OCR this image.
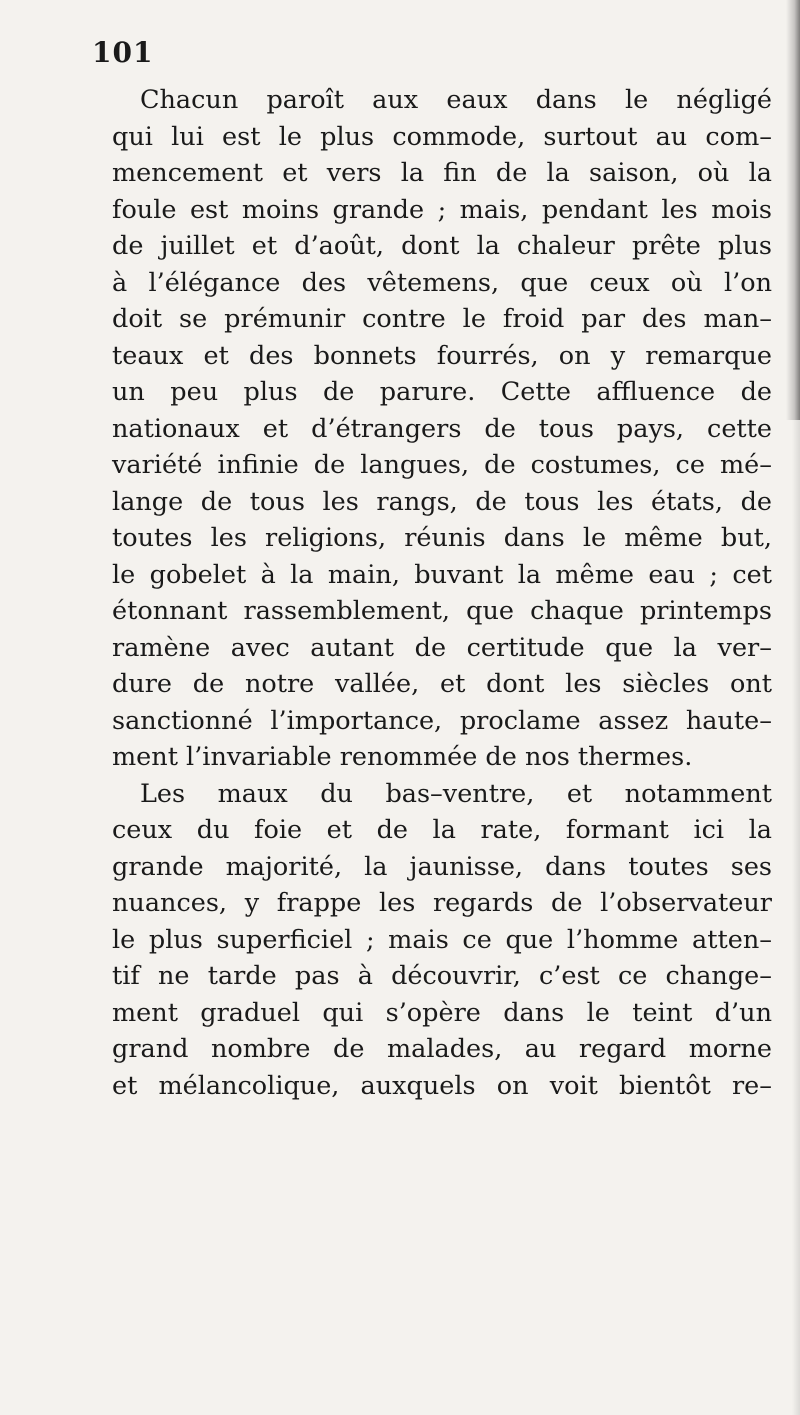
101
Chacun paroît aux eaux dans le négligé
qui lui est le plus commode, surtout au com–
mencement et vers la fin de la saison, où la
foule est moins grande ; mais, pendant les mois
de juillet et d’août, dont la chaleur prête plus
à l’élégance des vêtemens, que ceux où l’on
doit se prémunir contre le froid par des man–
teaux et des bonnets fourrés, on y remarque
un peu plus de parure. Cette affluence de
nationaux et d’étrangers de tous pays, cette
variété infinie de langues, de costumes, ce mé–
lange de tous les rangs, de tous les états, de
toutes les religions, réunis dans le même but,
le gobelet à la main, buvant la même eau ; cet
étonnant rassemblement, que chaque printemps
ramène avec autant de certitude que la ver–
dure de notre vallée, et dont les siècles ont
sanctionné l’importance, proclame assez haute–
ment l’invariable renommée de nos thermes.
Les maux du bas–ventre, et notamment
ceux du foie et de la rate, formant ici la
grande majorité, la jaunisse, dans toutes ses
nuances, y frappe les regards de l’observateur
le plus superficiel ; mais ce que l’homme atten–
tif ne tarde pas à découvrir, c’est ce change–
ment graduel qui s’opère dans le teint d’un
grand nombre de malades, au regard morne
et mélancolique, auxquels on voit bientôt re–
